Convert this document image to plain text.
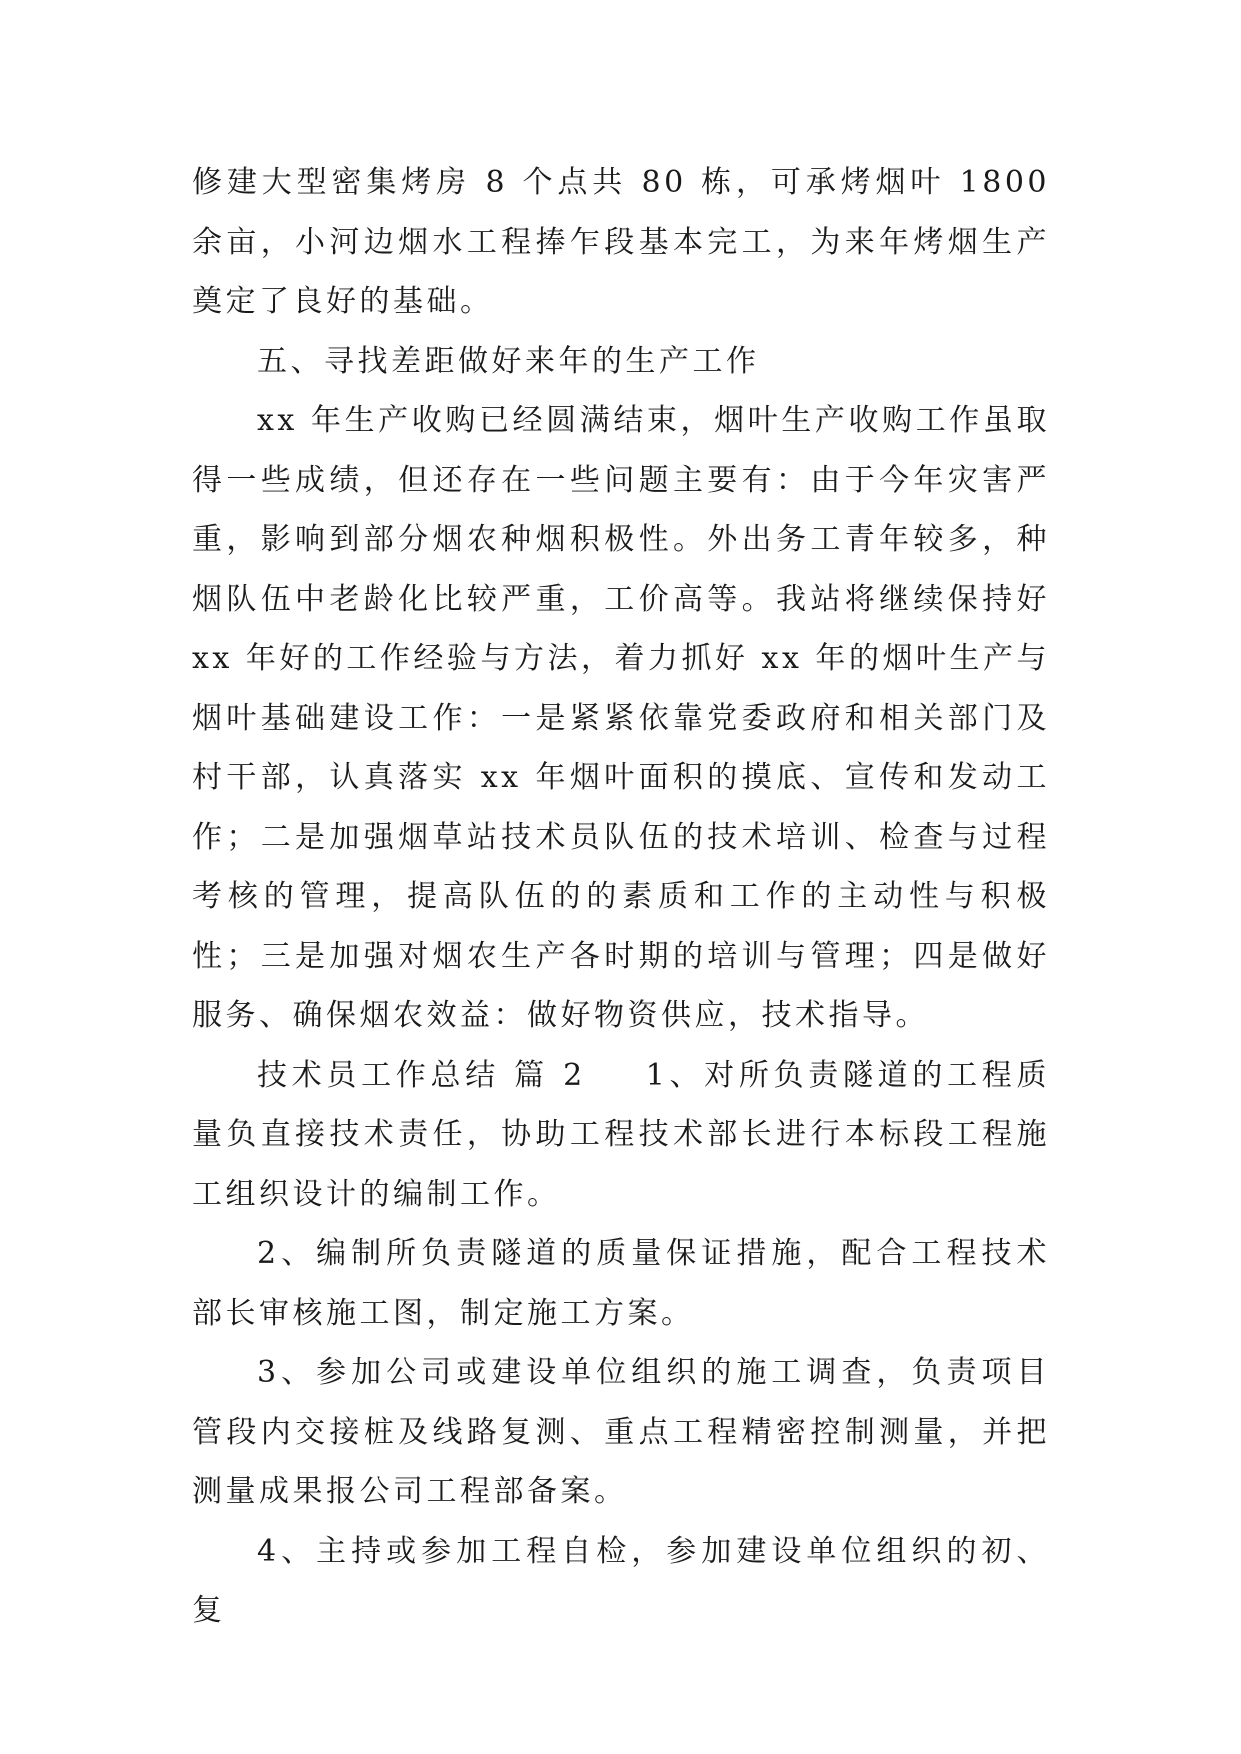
修建大型密集烤房 8 个点共 80 栋，可承烤烟叶 1800 余亩，小河边烟水工程捧乍段基本完工，为来年烤烟生产奠定了良好的基础。

五、寻找差距做好来年的生产工作

xx 年生产收购已经圆满结束，烟叶生产收购工作虽取得一些成绩，但还存在一些问题主要有：由于今年灾害严重，影响到部分烟农种烟积极性。外出务工青年较多，种烟队伍中老龄化比较严重，工价高等。我站将继续保持好 xx 年好的工作经验与方法，着力抓好 xx 年的烟叶生产与烟叶基础建设工作：一是紧紧依靠党委政府和相关部门及村干部，认真落实 xx 年烟叶面积的摸底、宣传和发动工作；二是加强烟草站技术员队伍的技术培训、检查与过程考核的管理，提高队伍的的素质和工作的主动性与积极性；三是加强对烟农生产各时期的培训与管理；四是做好服务、确保烟农效益：做好物资供应，技术指导。

技术员工作总结 篇 2 1、对所负责隧道的工程质量负直接技术责任，协助工程技术部长进行本标段工程施工组织设计的编制工作。

2、编制所负责隧道的质量保证措施，配合工程技术部长审核施工图，制定施工方案。

3、参加公司或建设单位组织的施工调查，负责项目管段内交接桩及线路复测、重点工程精密控制测量，并把测量成果报公司工程部备案。

4、主持或参加工程自检，参加建设单位组织的初、复
